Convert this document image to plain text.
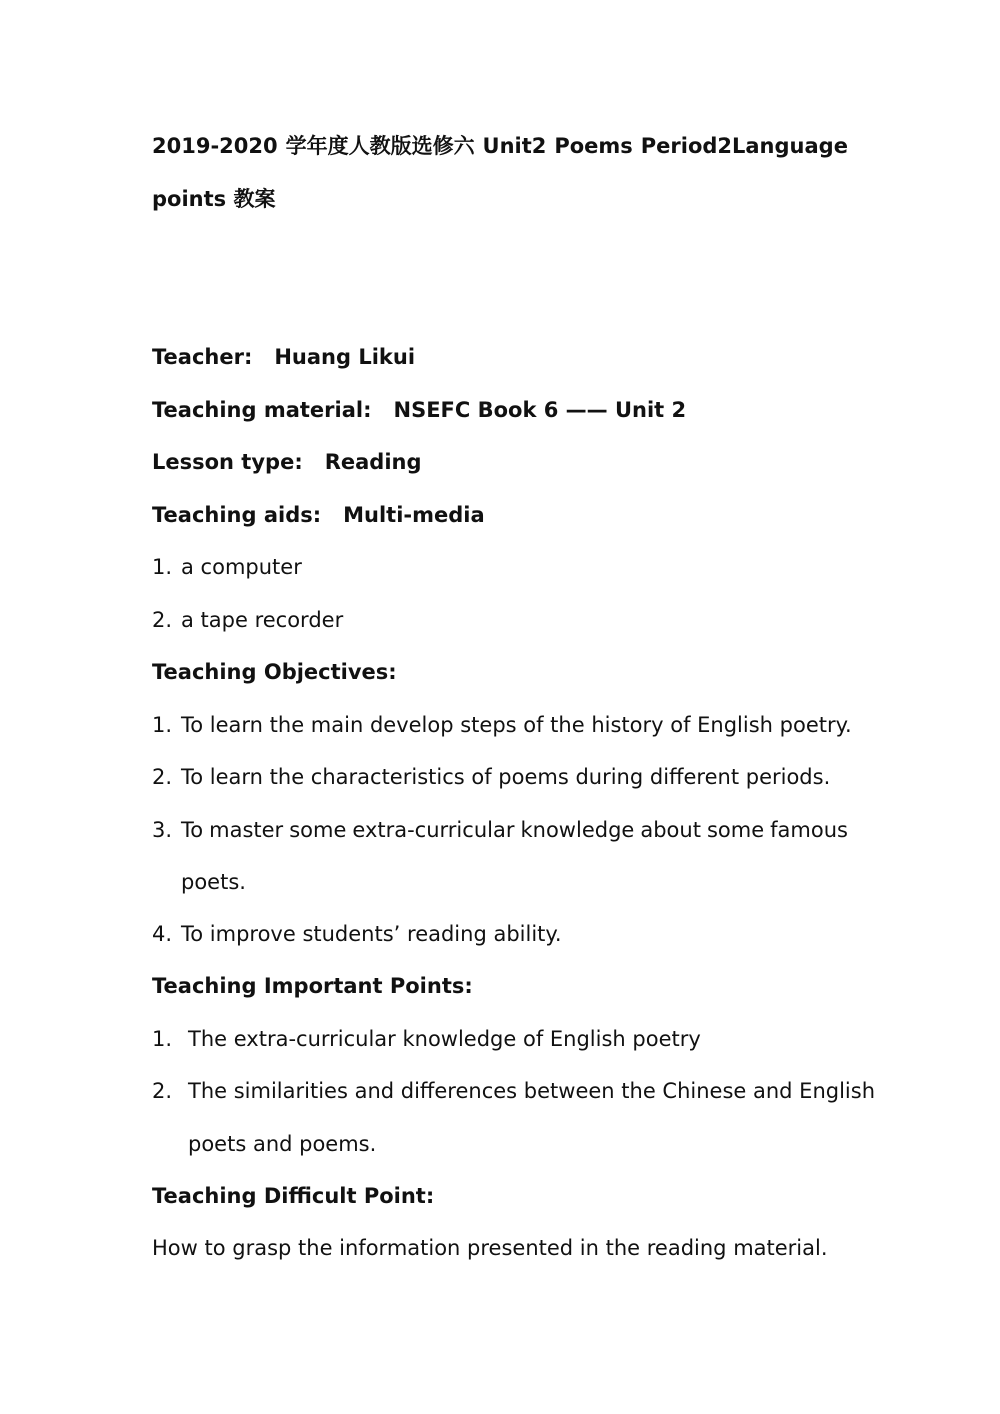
2019-2020 学年度人教版选修六 Unit2 Poems Period2Language
points 教案
Teacher: Huang Likui
Teaching material: NSEFC Book 6 —— Unit 2
Lesson type: Reading
Teaching aids: Multi-media
1. a computer
2. a tape recorder
Teaching Objectives:
1. To learn the main develop steps of the history of English poetry.
2. To learn the characteristics of poems during different periods.
3. To master some extra-curricular knowledge about some famous
poets.
4. To improve students’ reading ability.
Teaching Important Points:
1. The extra-curricular knowledge of English poetry
2. The similarities and differences between the Chinese and English
poets and poems.
Teaching Difficult Point:
How to grasp the information presented in the reading material.
